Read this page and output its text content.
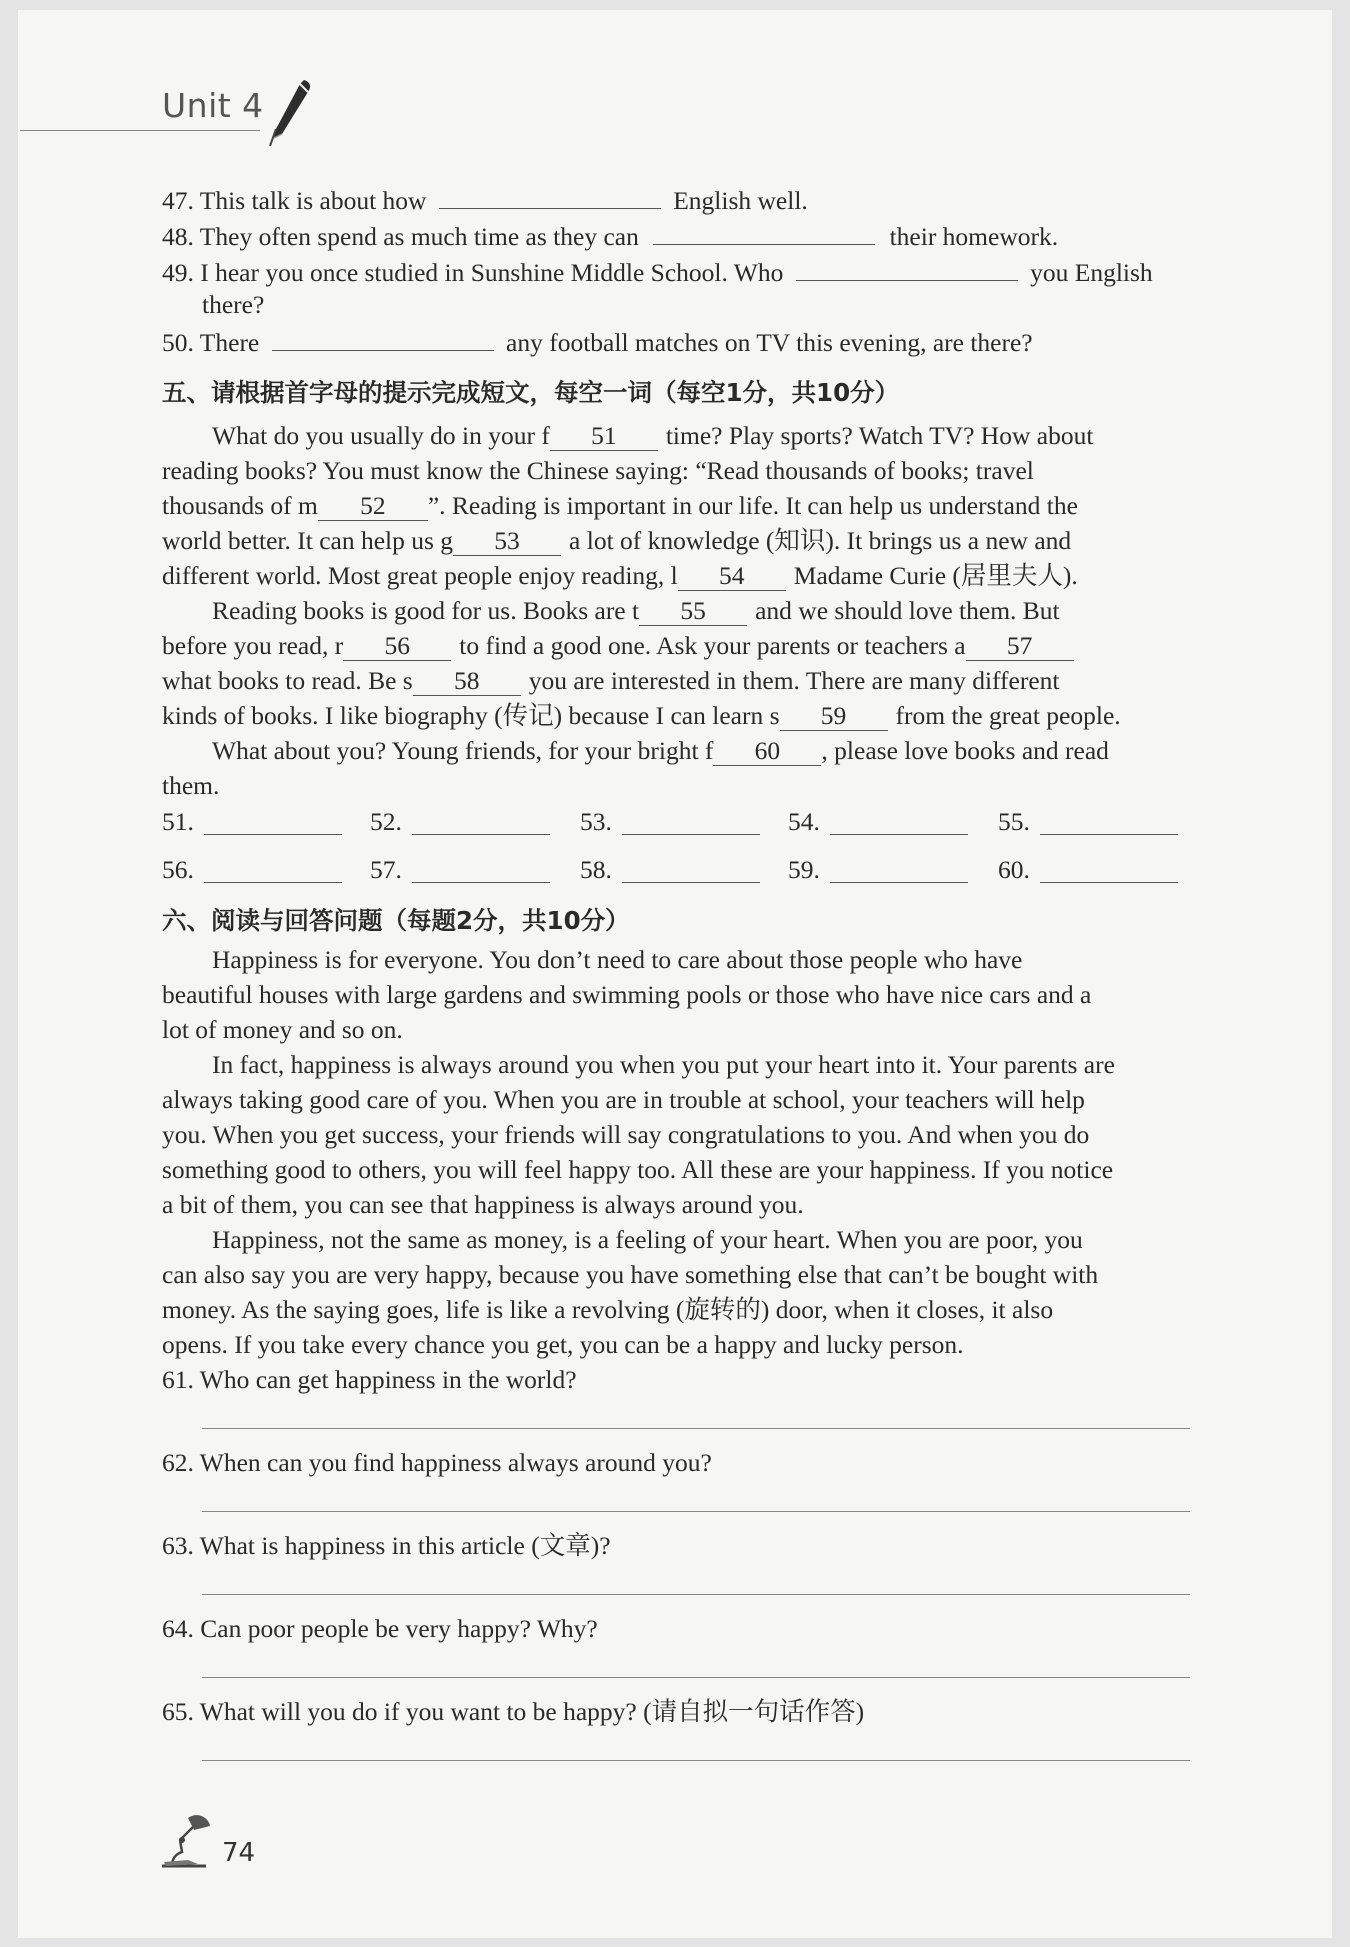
Unit 4
47. This talk is about how	English well.
48. They often spend as much time as they can	their homework.
49. I hear you once studied in Sunshine Middle School. Who	you English
there?
50. There	any football matches on TV this evening, are there?
五、请根据首字母的提示完成短文，每空一词（每空1分，共10分）
What do you usually do in your f 51 time? Play sports? Watch TV? How about
reading books? You must know the Chinese saying: “Read thousands of books; travel
thousands of m 52 ”. Reading is important in our life. It can help us understand the
world better. It can help us g 53 a lot of knowledge (知识). It brings us a new and
different world. Most great people enjoy reading, l 54 Madame Curie (居里夫人).
Reading books is good for us. Books are t 55 and we should love them. But
before you read, r 56 to find a good one. Ask your parents or teachers a 57
what books to read. Be s 58 you are interested in them. There are many different
kinds of books. I like biography (传记) because I can learn s 59 from the great people.
What about you? Young friends, for your bright f 60 , please love books and read
them.
51.	52.	53.	54.	55.
56.	57.	58.	59.	60.
六、阅读与回答问题（每题2分，共10分）
Happiness is for everyone. You don’t need to care about those people who have
beautiful houses with large gardens and swimming pools or those who have nice cars and a
lot of money and so on.
In fact, happiness is always around you when you put your heart into it. Your parents are
always taking good care of you. When you are in trouble at school, your teachers will help
you. When you get success, your friends will say congratulations to you. And when you do
something good to others, you will feel happy too. All these are your happiness. If you notice
a bit of them, you can see that happiness is always around you.
Happiness, not the same as money, is a feeling of your heart. When you are poor, you
can also say you are very happy, because you have something else that can’t be bought with
money. As the saying goes, life is like a revolving (旋转的) door, when it closes, it also
opens. If you take every chance you get, you can be a happy and lucky person.
61. Who can get happiness in the world?
62. When can you find happiness always around you?
63. What is happiness in this article (文章)?
64. Can poor people be very happy? Why?
65. What will you do if you want to be happy? (请自拟一句话作答)
74
